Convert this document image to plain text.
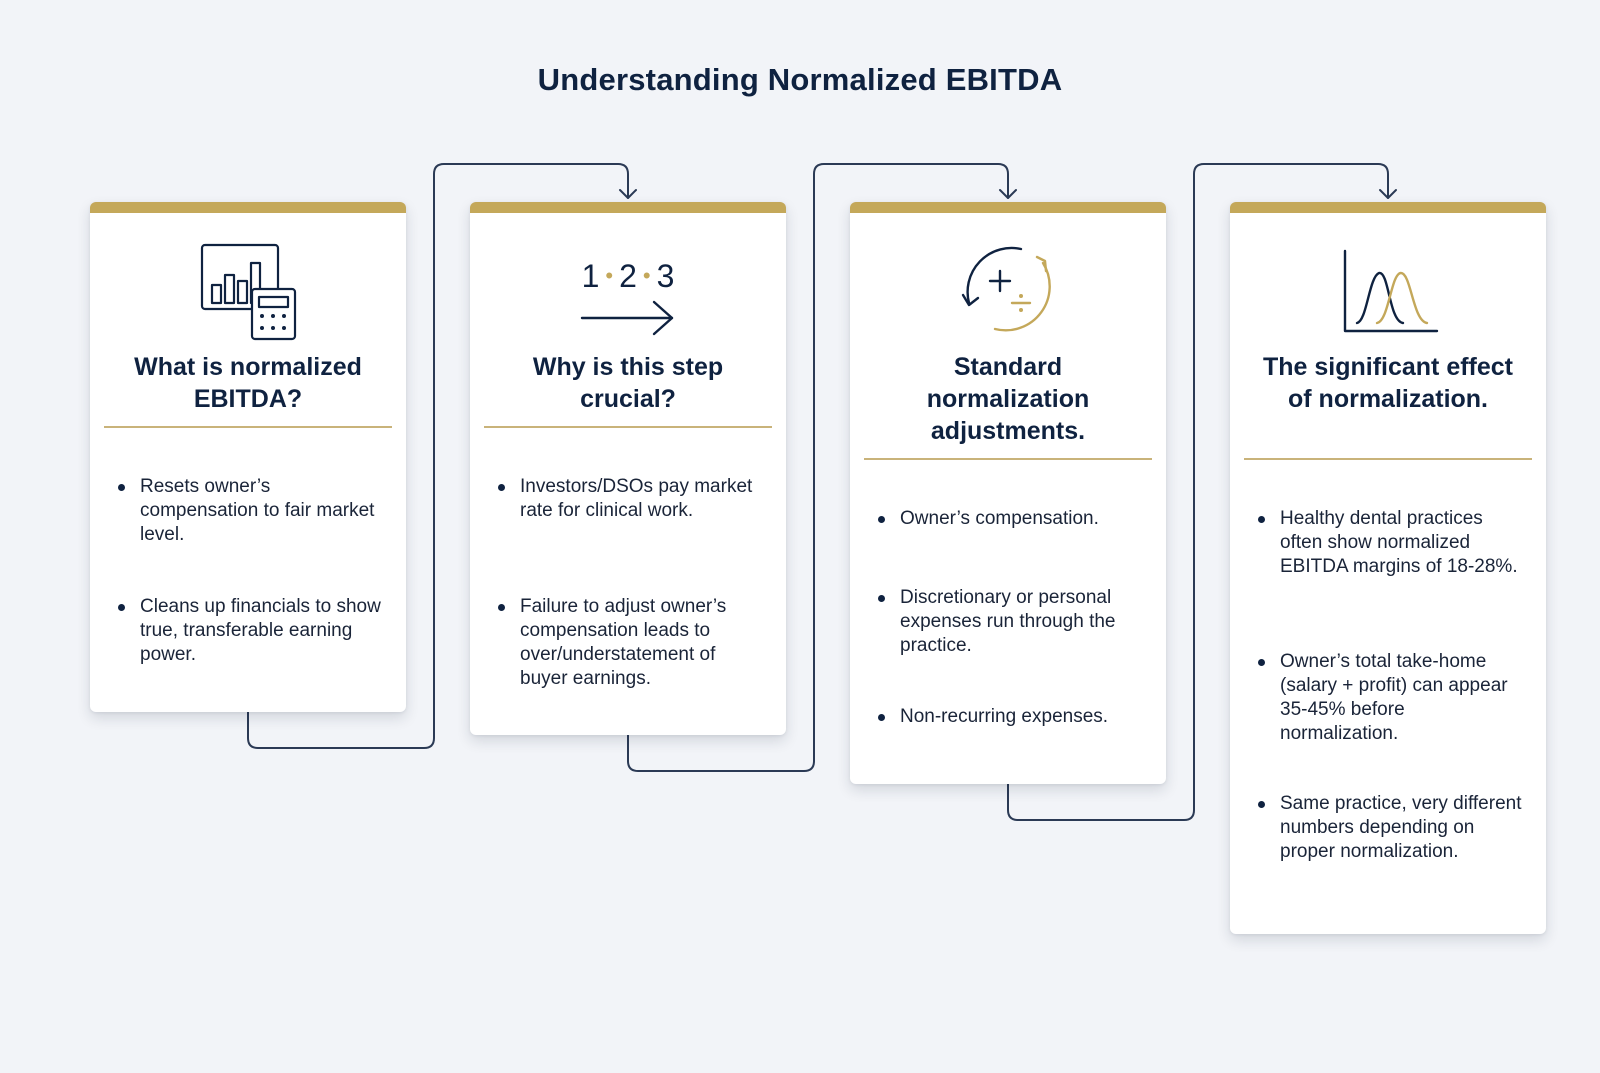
Understanding Normalized EBITDA
What is normalized EBITDA?
Resets owner’s compensation to fair market level.
Cleans up financials to show true, transferable earning power.
1 • 2 • 3
Why is this step crucial?
Investors/DSOs pay market rate for clinical work.
Failure to adjust owner’s compensation leads to over/understatement of buyer earnings.
Standard normalization adjustments.
Owner’s compensation.
Discretionary or personal expenses run through the practice.
Non-recurring expenses.
The significant effect of normalization.
Healthy dental practices often show normalized EBITDA margins of 18-28%.
Owner’s total take-home (salary + profit) can appear 35-45% before normalization.
Same practice, very different numbers depending on proper normalization.
